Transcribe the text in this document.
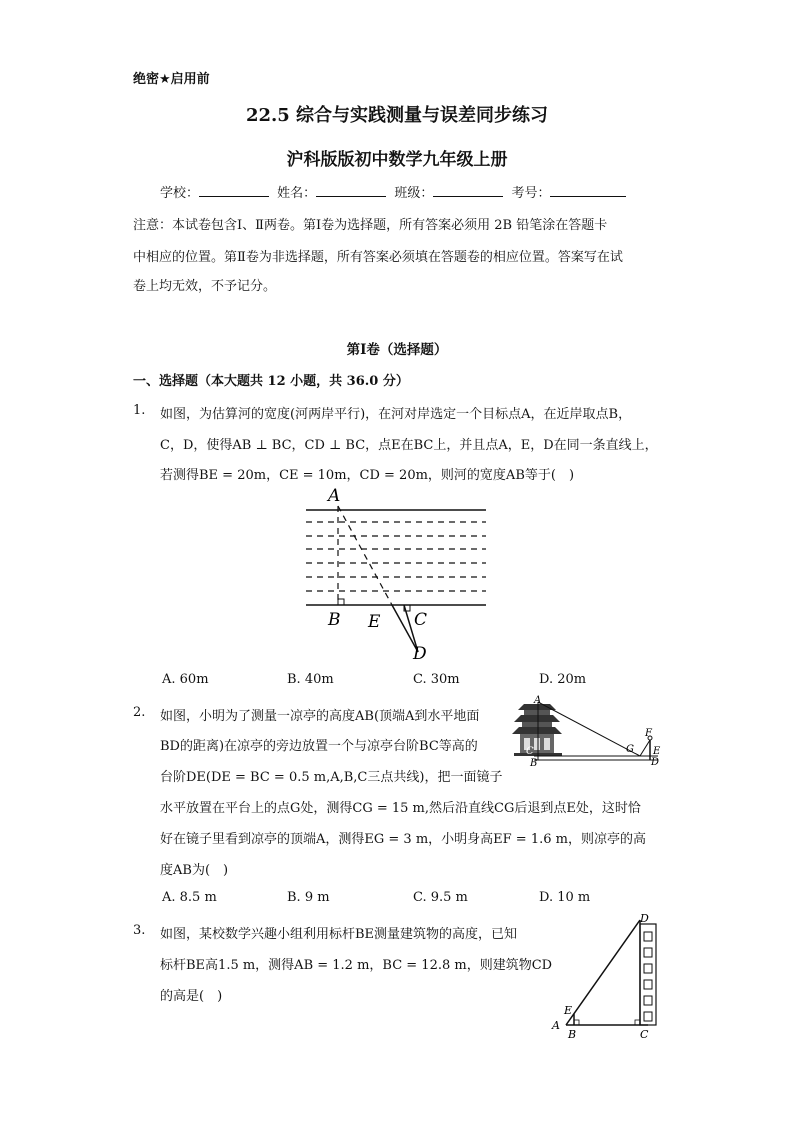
绝密★启用前
22.5 综合与实践测量与误差同步练习
沪科版版初中数学九年级上册
学校：	姓名：	班级：	考号：
注意：本试卷包含Ⅰ、Ⅱ两卷。第Ⅰ卷为选择题，所有答案必须用 2B 铅笔涂在答题卡
中相应的位置。第Ⅱ卷为非选择题，所有答案必须填在答题卷的相应位置。答案写在试
卷上均无效，不予记分。
第Ⅰ卷（选择题）
一、选择题（本大题共 12 小题，共 36.0 分）
1. 如图，为估算河的宽度(河两岸平行)，在河对岸选定一个目标点A，在近岸取点B，
C，D，使得AB ⊥ BC，CD ⊥ BC，点E在BC上，并且点A，E，D在同一条直线上，
若测得BE = 20m，CE = 10m，CD = 20m，则河的宽度AB等于(　)
A
B E C
D
A. 60m	B. 40m	C. 30m	D. 20m
2. 如图，小明为了测量一凉亭的高度AB(顶端A到水平地面
BD的距离)在凉亭的旁边放置一个与凉亭台阶BC等高的
台阶DE(DE = BC = 0.5 m,A,B,C三点共线)，把一面镜子
水平放置在平台上的点G处，测得CG = 15 m,然后沿直线CG后退到点E处，这时恰
好在镜子里看到凉亭的顶端A，测得EG = 3 m，小明身高EF = 1.6 m，则凉亭的高
度AB为(　)
A
B
C	G
F
E
D
A. 8.5 m	B. 9 m	C. 9.5 m	D. 10 m
3. 如图，某校数学兴趣小组利用标杆BE测量建筑物的高度，已知
标杆BE高1.5 m，测得AB = 1.2 m，BC = 12.8 m，则建筑物CD
的高是(　)
D
E
A
B	C
